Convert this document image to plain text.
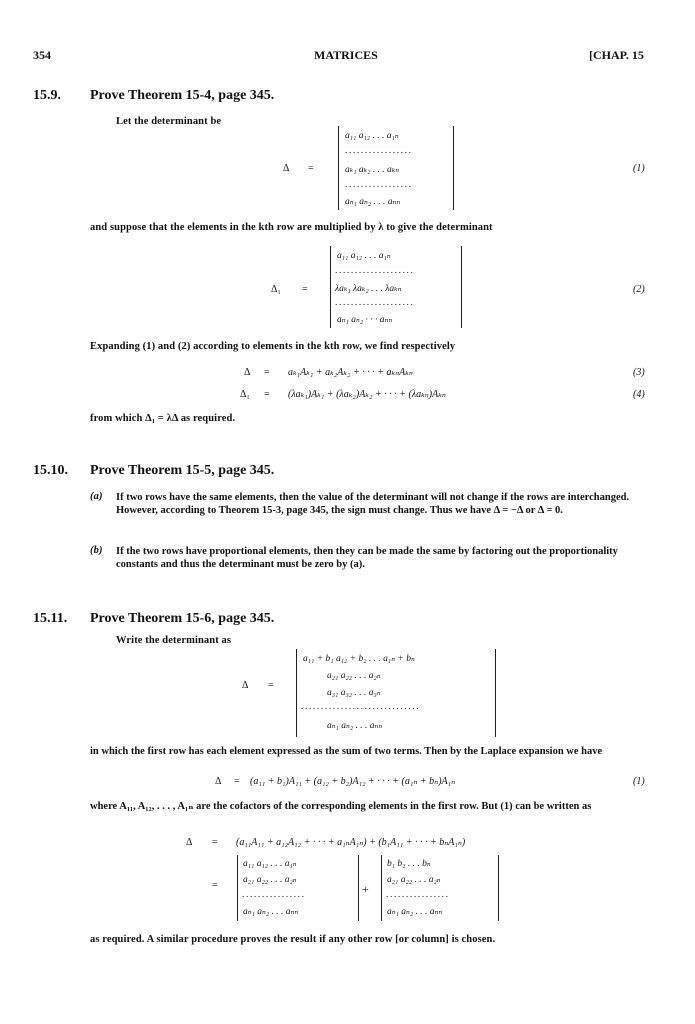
354	MATRICES	[CHAP. 15
15.9. Prove Theorem 15-4, page 345.
Let the determinant be
Δ =
a₁₁ a₁₂ . . . a₁ₙ
.................
aₖ₁ aₖ₂ . . . aₖₙ
.................
aₙ₁ aₙ₂ . . . aₙₙ
(1)
and suppose that the elements in the kth row are multiplied by λ to give the determinant
Δ₁ =
a₁₁ a₁₂ . . . a₁ₙ
....................
λaₖ₁ λaₖ₂ . . . λaₖₙ
....................
aₙ₁ aₙ₂ · · · aₙₙ
(2)
Expanding (1) and (2) according to elements in the kth row, we find respectively
Δ = aₖ₁Aₖ₁ + aₖ₂Aₖ₂ + · · · + aₖₙAₖₙ	(3)
Δ₁ = (λaₖ₁)Aₖ₁ + (λaₖ₂)Aₖ₂ + · · · + (λaₖₙ)Aₖₙ	(4)
from which Δ₁ = λΔ as required.
15.10. Prove Theorem 15-5, page 345.
(a) If two rows have the same elements, then the value of the determinant will not change if the rows are interchanged. However, according to Theorem 15-3, page 345, the sign must change. Thus we have Δ = −Δ or Δ = 0.
(b) If the two rows have proportional elements, then they can be made the same by factoring out the proportionality constants and thus the determinant must be zero by (a).
15.11. Prove Theorem 15-6, page 345.
Write the determinant as
Δ =
a₁₁ + b₁ a₁₂ + b₂ . . . a₁ₙ + bₙ
a₂₁ a₂₂ . . . a₂ₙ
a₃₁ a₃₂ . . . a₃ₙ
..............................
aₙ₁ aₙ₂ . . . aₙₙ
in which the first row has each element expressed as the sum of two terms. Then by the Laplace expansion we have
Δ = (a₁₁ + b₁)A₁₁ + (a₁₂ + b₂)A₁₂ + · · · + (a₁ₙ + bₙ)A₁ₙ	(1)
where A₁₁, A₁₂, . . . , A₁ₙ are the cofactors of the corresponding elements in the first row. But (1) can be written as
Δ = (a₁₁A₁₁ + a₁₂A₁₂ + · · · + a₁ₙA₁ₙ) + (b₁A₁₁ + · · · + bₙA₁ₙ)
=
a₁₁ a₁₂ . . . a₁ₙ
a₂₁ a₂₂ . . . a₂ₙ
................
aₙ₁ aₙ₂ . . . aₙₙ
+
b₁ b₂ . . . bₙ
a₂₁ a₂₂ . . . a₂ₙ
................
aₙ₁ aₙ₂ . . . aₙₙ
as required. A similar procedure proves the result if any other row [or column] is chosen.
